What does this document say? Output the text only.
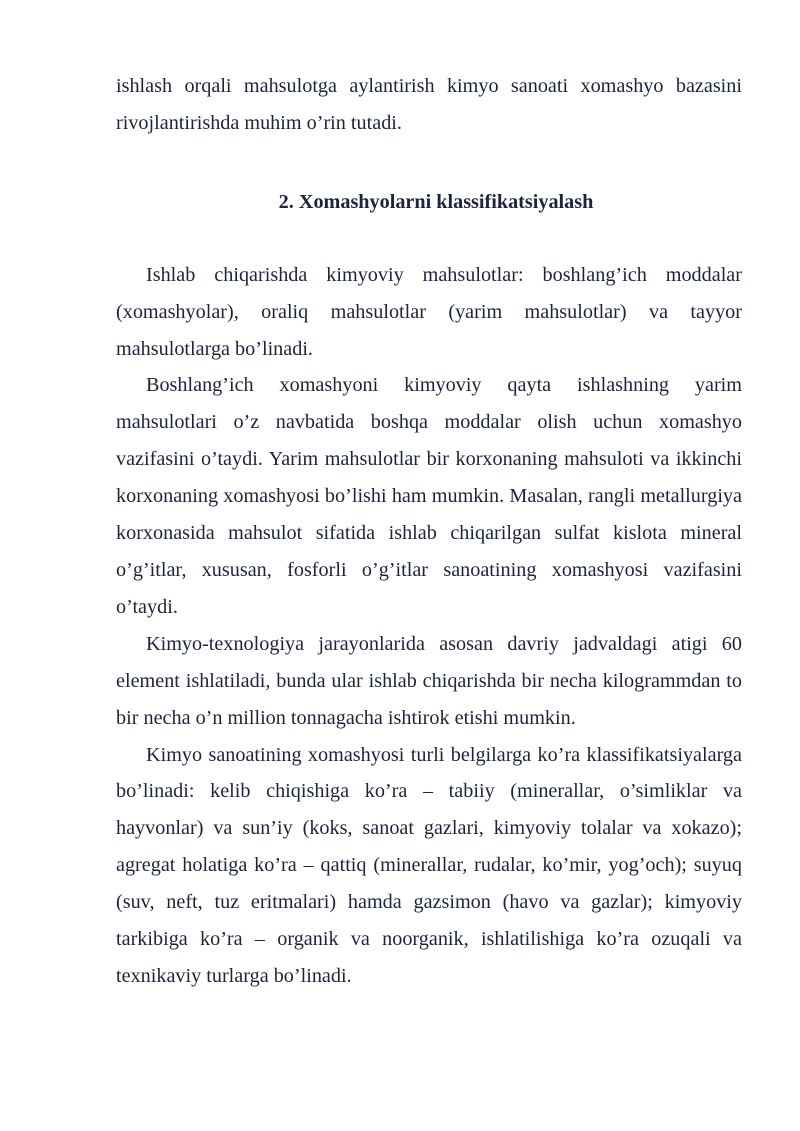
ishlash orqali mahsulotga aylantirish kimyo sanoati xomashyo bazasini rivojlantirishda muhim o’rin tutadi.

2. Xomashyolarni klassifikatsiyalash

Ishlab chiqarishda kimyoviy mahsulotlar: boshlang’ich moddalar (xomashyolar), oraliq mahsulotlar (yarim mahsulotlar) va tayyor mahsulotlarga bo’linadi.

Boshlang’ich xomashyoni kimyoviy qayta ishlashning yarim mahsulotlari o’z navbatida boshqa moddalar olish uchun xomashyo vazifasini o’taydi. Yarim mahsulotlar bir korxonaning mahsuloti va ikkinchi korxonaning xomashyosi bo’lishi ham mumkin. Masalan, rangli metallurgiya korxonasida mahsulot sifatida ishlab chiqarilgan sulfat kislota mineral o’g’itlar, xususan, fosforli o’g’itlar sanoatining xomashyosi vazifasini o’taydi.

Kimyo-texnologiya jarayonlarida asosan davriy jadvaldagi atigi 60 element ishlatiladi, bunda ular ishlab chiqarishda bir necha kilogrammdan to bir necha o’n million tonnagacha ishtirok etishi mumkin.

Kimyo sanoatining xomashyosi turli belgilarga ko’ra klassifikatsiyalarga bo’linadi: kelib chiqishiga ko’ra – tabiiy (minerallar, o’simliklar va hayvonlar) va sun’iy (koks, sanoat gazlari, kimyoviy tolalar va xokazo); agregat holatiga ko’ra – qattiq (minerallar, rudalar, ko’mir, yog’och); suyuq (suv, neft, tuz eritmalari) hamda gazsimon (havo va gazlar); kimyoviy tarkibiga ko’ra – organik va noorganik, ishlatilishiga ko’ra ozuqali va texnikaviy turlarga bo’linadi.
